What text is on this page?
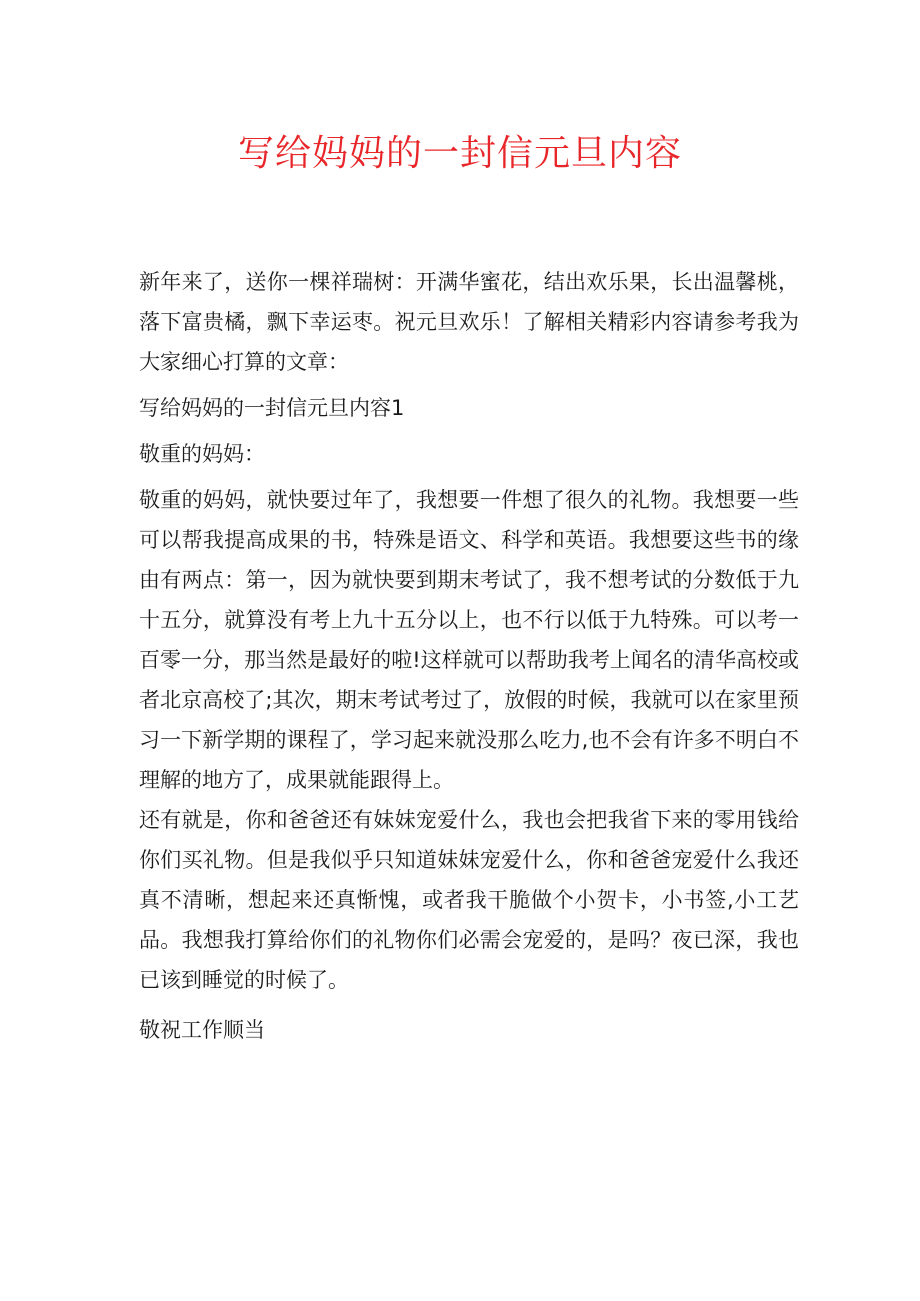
写给妈妈的一封信元旦内容

新年来了，送你一棵祥瑞树：开满华蜜花，结出欢乐果，长出温馨桃，落下富贵橘，飘下幸运枣。祝元旦欢乐！了解相关精彩内容请参考我为大家细心打算的文章：

写给妈妈的一封信元旦内容1

敬重的妈妈：

敬重的妈妈，就快要过年了，我想要一件想了很久的礼物。我想要一些可以帮我提高成果的书，特殊是语文、科学和英语。我想要这些书的缘由有两点：第一，因为就快要到期末考试了，我不想考试的分数低于九十五分，就算没有考上九十五分以上，也不行以低于九特殊。可以考一百零一分，那当然是最好的啦!这样就可以帮助我考上闻名的清华高校或者北京高校了;其次，期末考试考过了，放假的时候，我就可以在家里预习一下新学期的课程了，学习起来就没那么吃力,也不会有许多不明白不理解的地方了，成果就能跟得上。

还有就是，你和爸爸还有妹妹宠爱什么，我也会把我省下来的零用钱给你们买礼物。但是我似乎只知道妹妹宠爱什么，你和爸爸宠爱什么我还真不清晰，想起来还真惭愧，或者我干脆做个小贺卡，小书签,小工艺品。我想我打算给你们的礼物你们必需会宠爱的，是吗？夜已深，我也已该到睡觉的时候了。

敬祝工作顺当
